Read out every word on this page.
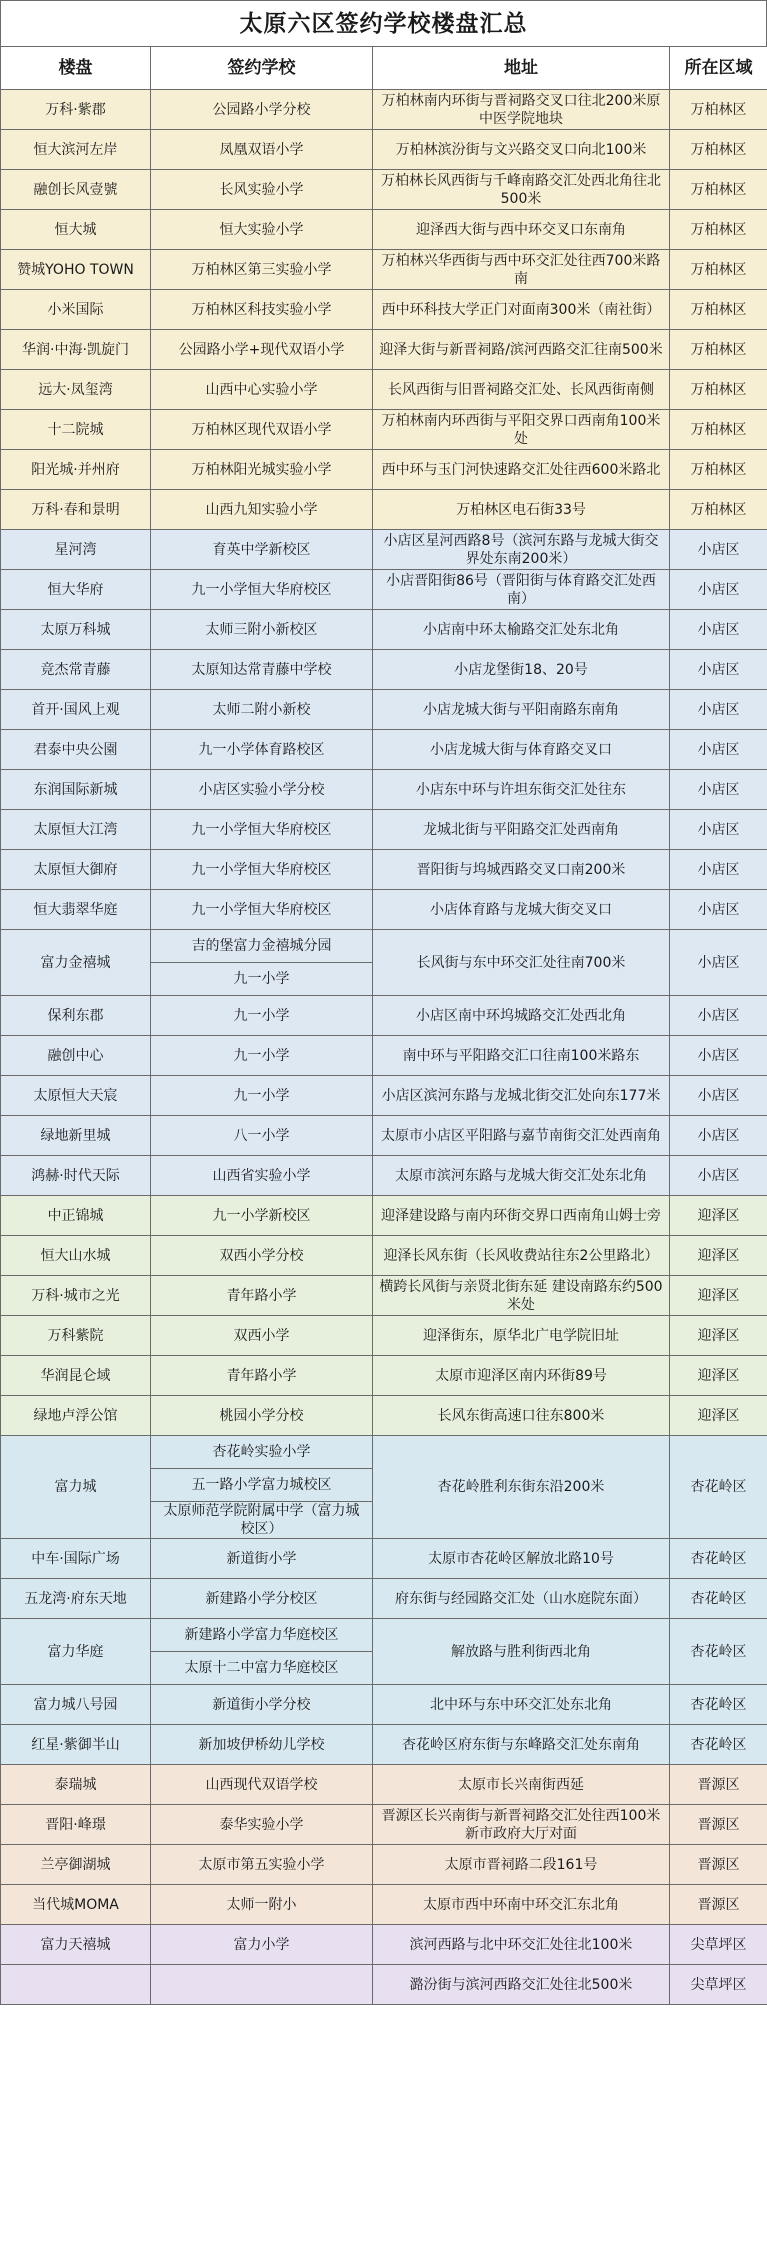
太原六区签约学校楼盘汇总
楼盘	签约学校	地址	所在区域
万科·紫郡	公园路小学分校	万柏林南内环街与晋祠路交叉口往北200米原中医学院地块	万柏林区
恒大滨河左岸	凤凰双语小学	万柏林滨汾街与文兴路交叉口向北100米	万柏林区
融创长风壹號	长风实验小学	万柏林长风西街与千峰南路交汇处西北角往北500米	万柏林区
恒大城	恒大实验小学	迎泽西大街与西中环交叉口东南角	万柏林区
赞城YOHO TOWN	万柏林区第三实验小学	万柏林兴华西街与西中环交汇处往西700米路南	万柏林区
小米国际	万柏林区科技实验小学	西中环科技大学正门对面南300米（南社街）	万柏林区
华润·中海·凯旋门	公园路小学+现代双语小学	迎泽大街与新晋祠路/滨河西路交汇往南500米	万柏林区
远大·凤玺湾	山西中心实验小学	长风西街与旧晋祠路交汇处、长风西街南侧	万柏林区
十二院城	万柏林区现代双语小学	万柏林南内环西街与平阳交界口西南角100米处	万柏林区
阳光城·并州府	万柏林阳光城实验小学	西中环与玉门河快速路交汇处往西600米路北	万柏林区
万科·春和景明	山西九知实验小学	万柏林区电石街33号	万柏林区
星河湾	育英中学新校区	小店区星河西路8号（滨河东路与龙城大街交界处东南200米）	小店区
恒大华府	九一小学恒大华府校区	小店晋阳街86号（晋阳街与体育路交汇处西南）	小店区
太原万科城	太师三附小新校区	小店南中环太榆路交汇处东北角	小店区
竞杰常青藤	太原知达常青藤中学校	小店龙堡街18、20号	小店区
首开·国风上观	太师二附小新校	小店龙城大街与平阳南路东南角	小店区
君泰中央公園	九一小学体育路校区	小店龙城大街与体育路交叉口	小店区
东润国际新城	小店区实验小学分校	小店东中环与许坦东街交汇处往东	小店区
太原恒大江湾	九一小学恒大华府校区	龙城北街与平阳路交汇处西南角	小店区
太原恒大御府	九一小学恒大华府校区	晋阳街与坞城西路交叉口南200米	小店区
恒大翡翠华庭	九一小学恒大华府校区	小店体育路与龙城大街交叉口	小店区
富力金禧城	吉的堡富力金禧城分园	长风街与东中环交汇处往南700米	小店区
	九一小学		
保利东郡	九一小学	小店区南中环坞城路交汇处西北角	小店区
融创中心	九一小学	南中环与平阳路交汇口往南100米路东	小店区
太原恒大天宸	九一小学	小店区滨河东路与龙城北街交汇处向东177米	小店区
绿地新里城	八一小学	太原市小店区平阳路与嘉节南街交汇处西南角	小店区
鸿赫·时代天际	山西省实验小学	太原市滨河东路与龙城大街交汇处东北角	小店区
中正锦城	九一小学新校区	迎泽建设路与南内环街交界口西南角山姆士旁	迎泽区
恒大山水城	双西小学分校	迎泽长风东街（长风收费站往东2公里路北）	迎泽区
万科·城市之光	青年路小学	横跨长风街与亲贤北街东延 建设南路东约500米处	迎泽区
万科紫院	双西小学	迎泽街东，原华北广电学院旧址	迎泽区
华润昆仑域	青年路小学	太原市迎泽区南内环街89号	迎泽区
绿地卢浮公馆	桃园小学分校	长风东街高速口往东800米	迎泽区
富力城	杏花岭实验小学	杏花岭胜利东街东沿200米	杏花岭区
	五一路小学富力城校区		
	太原师范学院附属中学（富力城校区）		
中车·国际广场	新道街小学	太原市杏花岭区解放北路10号	杏花岭区
五龙湾·府东天地	新建路小学分校区	府东街与经园路交汇处（山水庭院东面）	杏花岭区
富力华庭	新建路小学富力华庭校区	解放路与胜利街西北角	杏花岭区
	太原十二中富力华庭校区		
富力城八号园	新道街小学分校	北中环与东中环交汇处东北角	杏花岭区
红星·紫御半山	新加坡伊桥幼儿学校	杏花岭区府东街与东峰路交汇处东南角	杏花岭区
泰瑞城	山西现代双语学校	太原市长兴南街西延	晋源区
晋阳·峰璟	泰华实验小学	晋源区长兴南街与新晋祠路交汇处往西100米新市政府大厅对面	晋源区
兰亭御湖城	太原市第五实验小学	太原市晋祠路二段161号	晋源区
当代城MOMA	太师一附小	太原市西中环南中环交汇东北角	晋源区
富力天禧城	富力小学	滨河西路与北中环交汇处往北100米	尖草坪区
		潞汾街与滨河西路交汇处往北500米	尖草坪区
